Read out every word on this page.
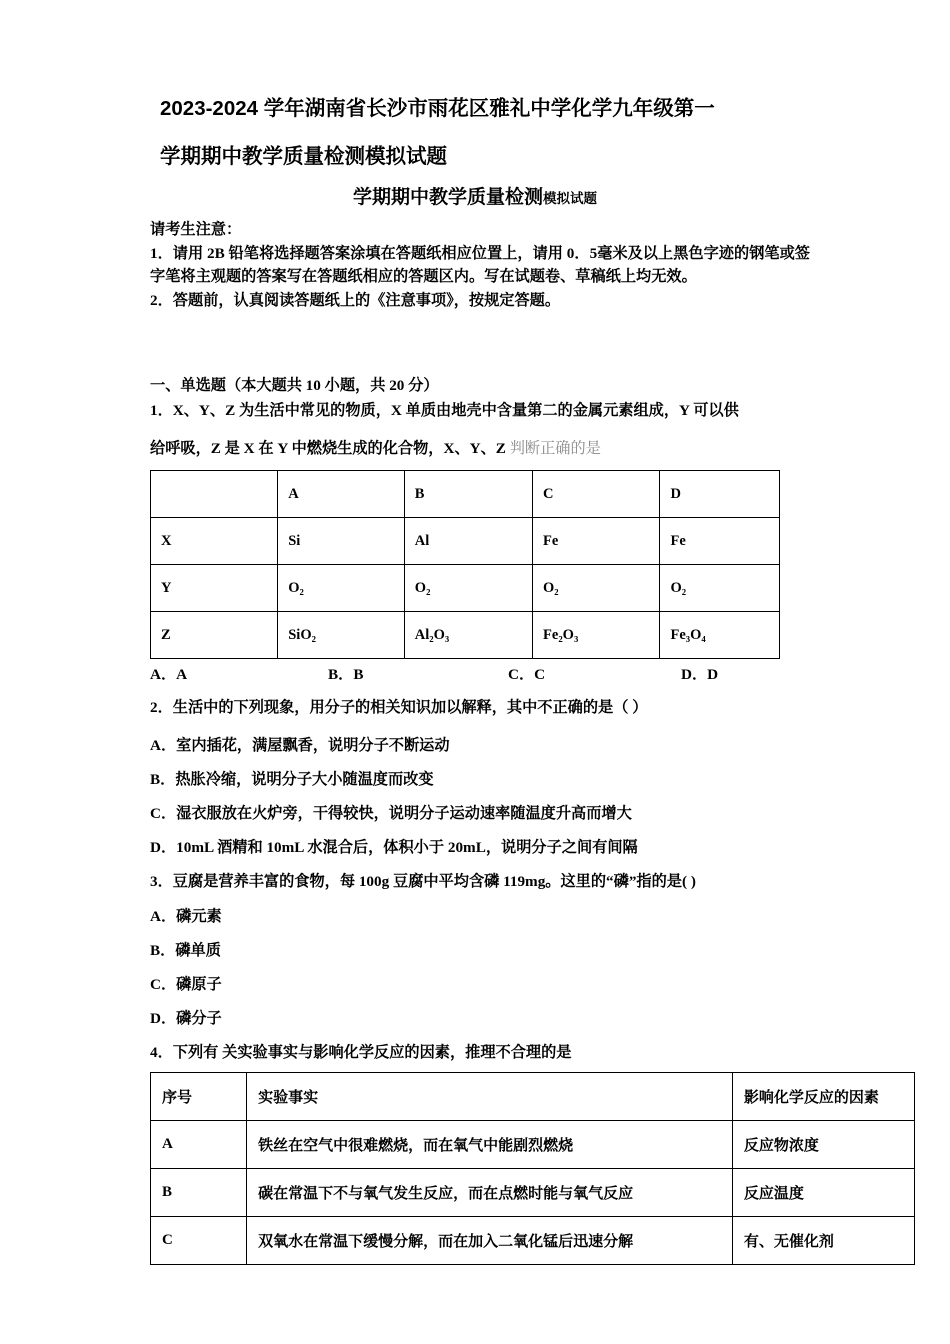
2023-2024 学年湖南省长沙市雨花区雅礼中学化学九年级第一
学期期中教学质量检测模拟试题
学期期中教学质量检测模拟试题

请考生注意：

1．请用 2B 铅笔将选择题答案涂填在答题纸相应位置上，请用 0．5毫米及以上黑色字迹的钢笔或签字笔将主观题的答案写在答题纸相应的答题区内。写在试题卷、草稿纸上均无效。

2．答题前，认真阅读答题纸上的《注意事项》，按规定答题。

一、单选题（本大题共 10 小题，共 20 分）
1．X、Y、Z 为生活中常见的物质，X 单质由地壳中含量第二的金属元素组成，Y 可以供
给呼吸，Z 是 X 在 Y 中燃烧生成的化合物，X、Y、Z 判断正确的是
	A	B	C	D
X	Si	Al	Fe	Fe
Y	O₂	O₂	O₂	O₂
Z	SiO₂	Al₂O₃	Fe₂O₃	Fe₃O₄
A．A	B．B	C．C	D．D
2．生活中的下列现象，用分子的相关知识加以解释，其中不正确的是（ ）
A．室内插花，满屋飘香，说明分子不断运动
B．热胀冷缩，说明分子大小随温度而改变
C．湿衣服放在火炉旁，干得较快，说明分子运动速率随温度升高而增大
D．10mL 酒精和 10mL 水混合后，体积小于 20mL，说明分子之间有间隔
3．豆腐是营养丰富的食物，每 100g 豆腐中平均含磷 119mg。这里的“磷”指的是( )
A．磷元素
B．磷单质
C．磷原子
D．磷分子
4．下列有 关实验事实与影响化学反应的因素，推理不合理的是
序号	实验事实	影响化学反应的因素
A	铁丝在空气中很难燃烧，而在氧气中能剧烈燃烧	反应物浓度
B	碳在常温下不与氧气发生反应，而在点燃时能与氧气反应	反应温度
C	双氧水在常温下缓慢分解，而在加入二氧化锰后迅速分解	有、无催化剂
